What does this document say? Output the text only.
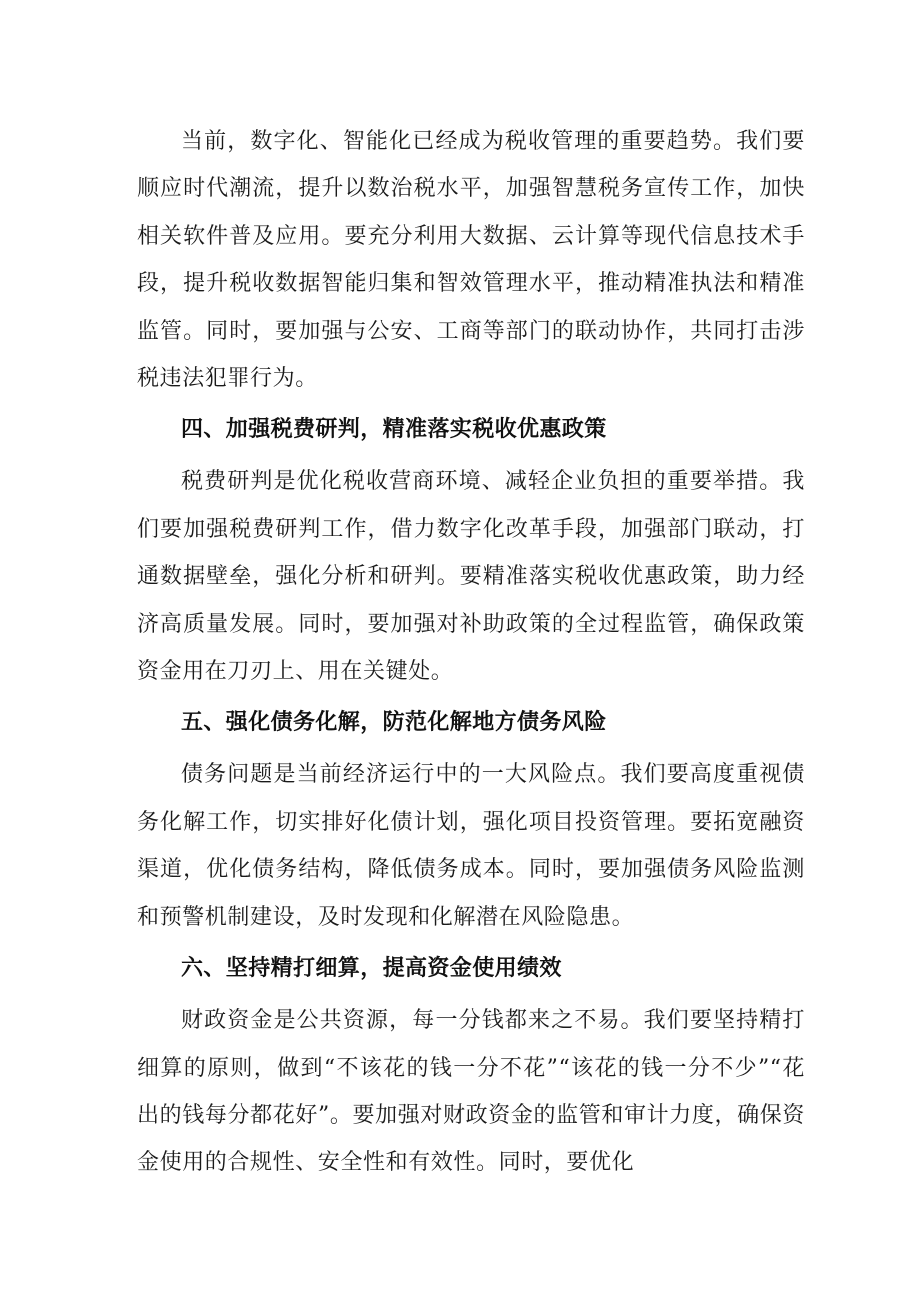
当前，数字化、智能化已经成为税收管理的重要趋势。我们要顺应时代潮流，提升以数治税水平，加强智慧税务宣传工作，加快相关软件普及应用。要充分利用大数据、云计算等现代信息技术手段，提升税收数据智能归集和智效管理水平，推动精准执法和精准监管。同时，要加强与公安、工商等部门的联动协作，共同打击涉税违法犯罪行为。

四、加强税费研判，精准落实税收优惠政策

税费研判是优化税收营商环境、减轻企业负担的重要举措。我们要加强税费研判工作，借力数字化改革手段，加强部门联动，打通数据壁垒，强化分析和研判。要精准落实税收优惠政策，助力经济高质量发展。同时，要加强对补助政策的全过程监管，确保政策资金用在刀刃上、用在关键处。

五、强化债务化解，防范化解地方债务风险

债务问题是当前经济运行中的一大风险点。我们要高度重视债务化解工作，切实排好化债计划，强化项目投资管理。要拓宽融资渠道，优化债务结构，降低债务成本。同时，要加强债务风险监测和预警机制建设，及时发现和化解潜在风险隐患。

六、坚持精打细算，提高资金使用绩效

财政资金是公共资源，每一分钱都来之不易。我们要坚持精打细算的原则，做到“不该花的钱一分不花”“该花的钱一分不少”“花出的钱每分都花好”。要加强对财政资金的监管和审计力度，确保资金使用的合规性、安全性和有效性。同时，要优化
